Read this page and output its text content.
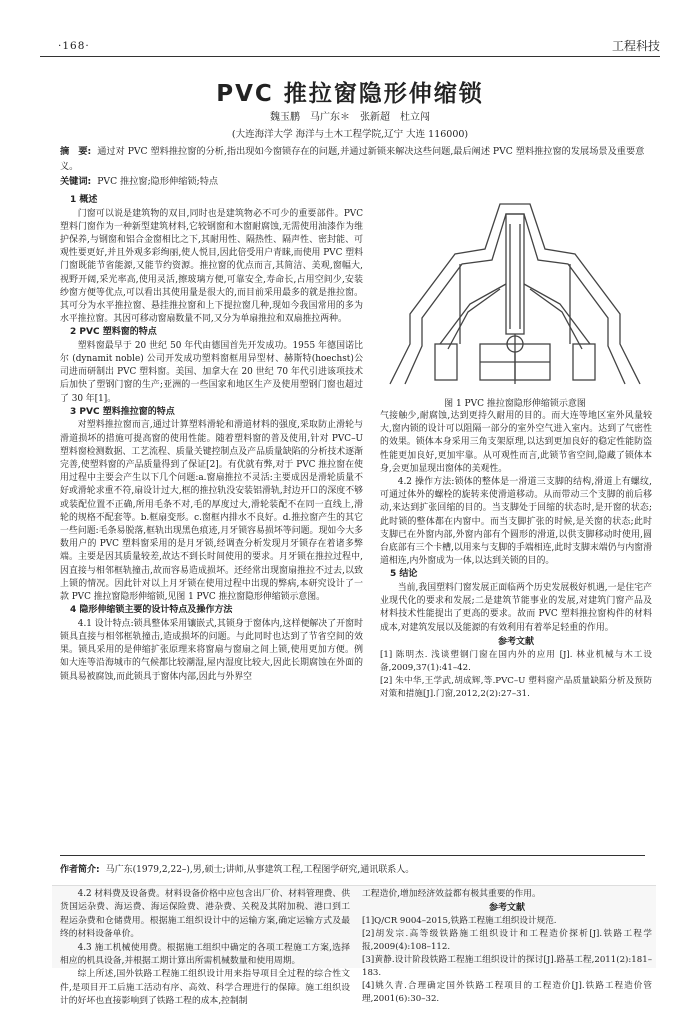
·168·	工程科技
PVC 推拉窗隐形伸缩锁
魏玉鹏　马广东＊　张新超　杜立闯
(大连海洋大学 海洋与土木工程学院,辽宁 大连 116000)
摘　要: 通过对 PVC 塑料推拉窗的分析,指出现如今窗锁存在的问题,并通过新锁来解决这些问题,最后阐述 PVC 塑料推拉窗的发展场景及重要意义。
关键词: PVC 推拉窗;隐形伸缩锁;特点
1 概述

门窗可以说是建筑物的双目,同时也是建筑物必不可少的重要部件。PVC 塑料门窗作为一种新型建筑材料,它较钢窗和木窗耐腐蚀,无需使用油漆作为维护保养,与钢窗和铝合金窗相比之下,其耐用性、隔热性、隔声性、密封能、可观性要更好,并且外观多彩绚丽,使人悦目,因此倍受用户青睐,而使用 PVC 塑料门窗既能节省能源,又能节约资源。推拉窗的优点而言,其简洁、美观,窗幅大,视野开阔,采光率高,使用灵活,擦玻璃方便,可靠安全,寿命长,占用空间少,安装纱窗方便等优点,可以看出其使用量是很大的,而目前采用最多的就是推拉窗。其可分为水平推拉窗、悬挂推拉窗和上下提拉窗几种,现如今我国常用的多为水平推拉窗。其因可移动窗扇数量不同,又分为单扇推拉和双扇推拉两种。

2 PVC 塑料窗的特点

塑料窗最早于 20 世纪 50 年代由德国首先开发成功。1955 年德国诺比尔 (dynamit noble) 公司开发成功塑料窗框用异型材、赫斯特(hoechst)公司进而研制出 PVC 塑料窗。美国、加拿大在 20 世纪 70 年代引进该项技术后加快了塑钢门窗的生产;亚洲的一些国家和地区生产及使用塑钢门窗也超过了 30 年[1]。

3 PVC 塑料推拉窗的特点

对塑料推拉窗而言,通过计算塑料滑轮和滑道材料的强度,采取防止滑轮与滑道损坏的措施可提高窗的使用性能。随着塑料窗的普及使用,针对 PVC–U 塑料窗检测数据、工艺流程、质量关键控制点及产品质量缺陷的分析技术逐渐完善,使塑料窗的产品质量得到了保证[2]。有优就有弊,对于 PVC 推拉窗在使用过程中主要会产生以下几个问题:a.窗扇推拉不灵活:主要成因是滑轮质量不好或滑轮求重不符,扇设计过大,框的推拉轨没安装铝滑轨,封边开口的深度不够或装配位置不正确,所用毛条不对,毛的厚度过大,滑轮装配不在同一直线上,滑轮的规格不配套等。b.框扇变形。c.窗框内排水不良好。d.推拉窗产生的其它一些问题:毛条易脱落,框轨出现黑色痕迹,月牙锁容易损坏等问题。现如今大多数用户的 PVC 塑料窗采用的是月牙锁,经调查分析发现月牙锁存在着诸多弊端。主要是因其质量较差,故达不到长时间使用的要求。月牙锁在推拉过程中,因直接与相邻框轨撞击,故而容易造成损坏。还经常出现窗扇推拉不过去,以致上锁的情况。因此针对以上月牙锁在使用过程中出现的弊病,本研究设计了一款 PVC 推拉窗隐形伸缩锁,见图 1 PVC 推拉窗隐形伸缩锁示意图。

4 隐形伸缩锁主要的设计特点及操作方法

4.1 设计特点:锁具整体采用镶嵌式,其锁身于窗体内,这样便解决了开窗时锁具直接与相邻框轨撞击,造成损坏的问题。与此同时也达到了节省空间的效果。锁具采用的是伸缩扩张原理来将窗扇与窗扇之间上锁,使用更加方便。例如大连等沿海城市的气候都比较潮湿,屋内湿度比较大,因此长期腐蚀在外面的锁具易被腐蚀,而此锁具于窗体内部,因此与外界空

图 1 PVC 推拉窗隐形伸缩锁示意图

气接触少,耐腐蚀,达到更持久耐用的目的。而大连等地区室外风量较大,窗内锁的设计可以阻隔一部分的室外空气进入室内。达到了气密性的效果。锁体本身采用三角支架原理,以达到更加良好的稳定性能防盗性能更加良好,更加牢靠。从可观性而言,此锁节省空间,隐藏了锁体本身,会更加显现出窗体的美观性。

4.2 操作方法:锁体的整体是一滑道三支脚的结构,滑道上有螺纹,可通过体外的螺栓的旋转来使滑道移动。从而带动三个支脚的前后移动,来达到扩张回缩的目的。当支脚处于回缩的状态时,是开窗的状态;此时锁的整体都在内窗中。而当支脚扩张的时候,是关窗的状态;此时支脚已在外窗内部,外窗内部有个圆形的滑道,以供支脚移动时使用,圆台底部有三个卡槽,以用来与支脚的手端相连,此时支脚末端仍与内窗滑道相连,内外窗成为一体,以达到关锁的目的。

5 结论

当前,我国塑料门窗发展正面临两个历史发展极好机遇,一是住宅产业现代化的要求和发展;二是建筑节能事业的发展,对建筑门窗产品及材料技术性能提出了更高的要求。故而 PVC 塑料推拉窗构件的材料成本,对建筑发展以及能源的有效利用有着举足轻重的作用。

参考文献

[1] 陈明杰. 浅谈塑钢门窗在国内外的应用 [J]. 林业机械与木工设备,2009,37(1):41–42.

[2] 朱中华,王学武,胡成辉,等.PVC–U 塑料窗产品质量缺陷分析及预防对策和措施[J].门窗,2012,2(2):27–31.

作者简介: 马广东(1979,2,22–),男,硕士;讲师,从事建筑工程,工程图学研究,通讯联系人。

4.2 材料费及设备费。材料设备价格中应包含出厂价、材料管理费、供货国运杂费、海运费、海运保险费、港杂费、关税及其附加税、港口到工程运杂费和仓储费用。根据施工组织设计中的运输方案,确定运输方式及最终的材料设备单价。

4.3 施工机械使用费。根据施工组织中确定的各项工程施工方案,选择相应的机具设备,并根据工期计算出所需机械数量和使用周期。

综上所述,国外铁路工程施工组织设计用来指导项目全过程的综合性文件,是项目开工后施工活动有序、高效、科学合理进行的保障。施工组织设计的好坏也直接影响到了铁路工程的成本,控制制

工程造价,增加经济效益都有极其重要的作用。

参考文献

[1]Q/CR 9004–2015,铁路工程施工组织设计规范.

[2]胡发宗.高等级铁路施工组织设计和工程造价探析[J].铁路工程学报,2009(4):108–112.

[3]黄静.设计阶段铁路工程施工组织设计的探讨[J].路基工程,2011(2):181–183.

[4]姚久青.合理确定国外铁路工程项目的工程造价[J].铁路工程造价管理,2001(6):30–32.
